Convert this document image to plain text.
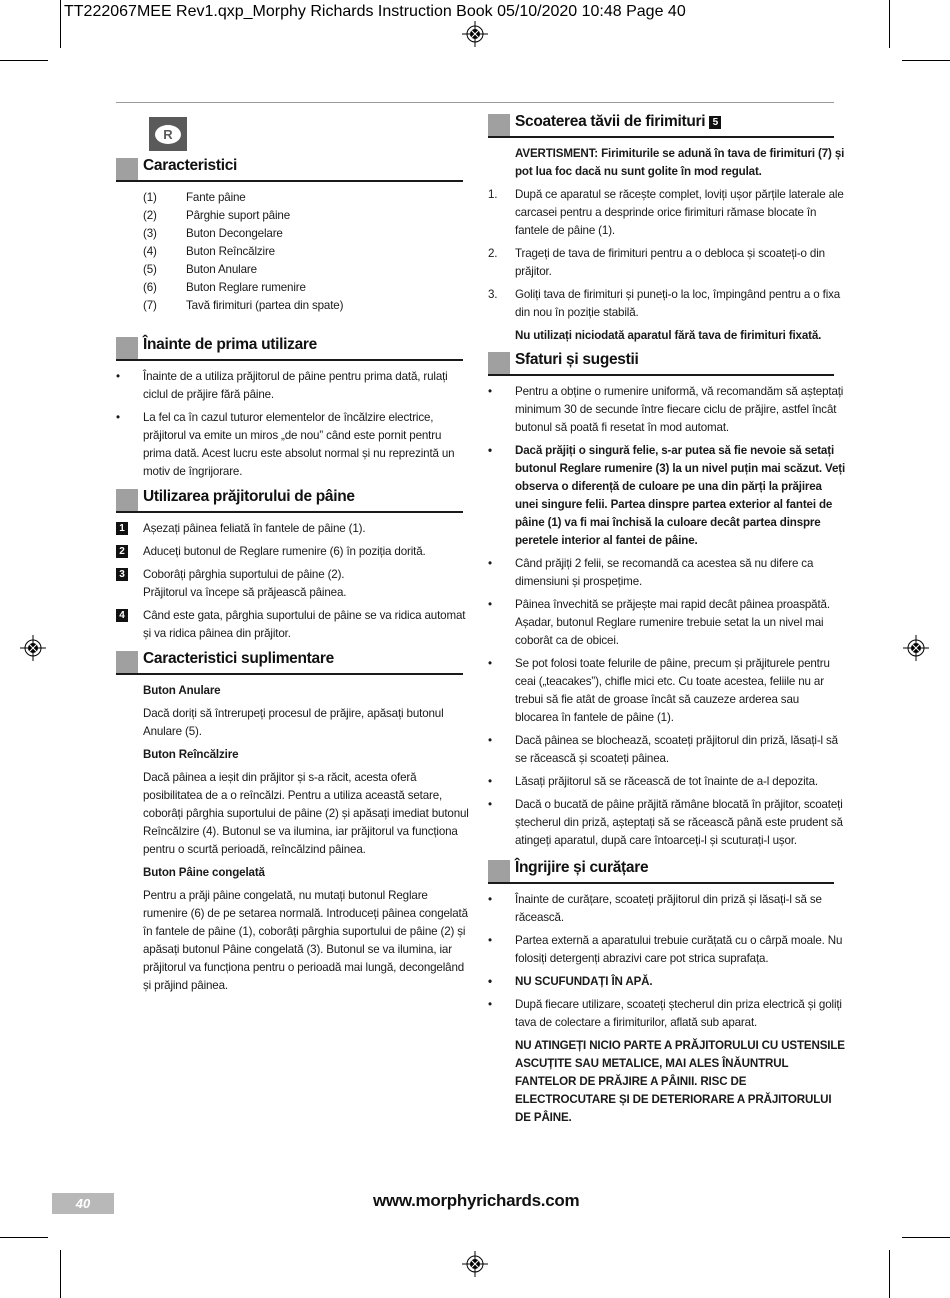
TT222067MEE Rev1.qxp_Morphy Richards Instruction Book 05/10/2020 10:48 Page 40
R
Caracteristici
(1)	Fante pâine
(2)	Pârghie suport pâine
(3)	Buton Decongelare
(4)	Buton Reîncălzire
(5)	Buton Anulare
(6)	Buton Reglare rumenire
(7)	Tavă firimituri (partea din spate)
Înainte de prima utilizare
•	Înainte de a utiliza prăjitorul de pâine pentru prima dată, rulați
ciclul de prăjire fără pâine.
•	La fel ca în cazul tuturor elementelor de încălzire electrice,
prăjitorul va emite un miros „de nou” când este pornit pentru
prima dată. Acest lucru este absolut normal și nu reprezintă un
motiv de îngrijorare.
Utilizarea prăjitorului de pâine
1 Așezați pâinea feliată în fantele de pâine (1).
2 Aduceți butonul de Reglare rumenire (6) în poziția dorită.
3 Coborâți pârghia suportului de pâine (2).
Prăjitorul va începe să prăjească pâinea.
4 Când este gata, pârghia suportului de pâine se va ridica automat
și va ridica pâinea din prăjitor.
Caracteristici suplimentare
Buton Anulare
Dacă doriți să întrerupeți procesul de prăjire, apăsați butonul
Anulare (5).
Buton Reîncălzire
Dacă pâinea a ieșit din prăjitor și s-a răcit, acesta oferă
posibilitatea de a o reîncălzi. Pentru a utiliza această setare,
coborâți pârghia suportului de pâine (2) și apăsați imediat butonul
Reîncălzire (4). Butonul se va ilumina, iar prăjitorul va funcționa
pentru o scurtă perioadă, reîncălzind pâinea.
Buton Pâine congelată
Pentru a prăji pâine congelată, nu mutați butonul Reglare
rumenire (6) de pe setarea normală. Introduceți pâinea congelată
în fantele de pâine (1), coborâți pârghia suportului de pâine (2) și
apăsați butonul Pâine congelată (3). Butonul se va ilumina, iar
prăjitorul va funcționa pentru o perioadă mai lungă, decongelând
și prăjind pâinea.
Scoaterea tăvii de firimituri 5
AVERTISMENT: Firimiturile se adună în tava de firimituri (7) și
pot lua foc dacă nu sunt golite în mod regulat.
1. După ce aparatul se răcește complet, loviți ușor părțile laterale ale
carcasei pentru a desprinde orice firimituri rămase blocate în
fantele de pâine (1).
2. Trageți de tava de firimituri pentru a o debloca și scoateți-o din
prăjitor.
3. Goliți tava de firimituri și puneți-o la loc, împingând pentru a o fixa
din nou în poziție stabilă.
Nu utilizați niciodată aparatul fără tava de firimituri fixată.
Sfaturi și sugestii
•	Pentru a obține o rumenire uniformă, vă recomandăm să așteptați
minimum 30 de secunde între fiecare ciclu de prăjire, astfel încât
butonul să poată fi resetat în mod automat.
•	Dacă prăjiți o singură felie, s-ar putea să fie nevoie să setați
butonul Reglare rumenire (3) la un nivel puțin mai scăzut. Veți
observa o diferență de culoare pe una din părți la prăjirea
unei singure felii. Partea dinspre partea exterior al fantei de
pâine (1) va fi mai închisă la culoare decât partea dinspre
peretele interior al fantei de pâine.
•	Când prăjiți 2 felii, se recomandă ca acestea să nu difere ca
dimensiuni și prospețime.
•	Pâinea învechită se prăjește mai rapid decât pâinea proaspătă.
Așadar, butonul Reglare rumenire trebuie setat la un nivel mai
coborât ca de obicei.
•	Se pot folosi toate felurile de pâine, precum și prăjiturele pentru
ceai („teacakes”), chifle mici etc. Cu toate acestea, feliile nu ar
trebui să fie atât de groase încât să cauzeze arderea sau
blocarea în fantele de pâine (1).
•	Dacă pâinea se blochează, scoateți prăjitorul din priză, lăsați-l să
se răcească și scoateți pâinea.
•	Lăsați prăjitorul să se răcească de tot înainte de a-l depozita.
•	Dacă o bucată de pâine prăjită rămâne blocată în prăjitor, scoateți
ștecherul din priză, așteptați să se răcească până este prudent să
atingeți aparatul, după care întoarceți-l și scuturați-l ușor.
Îngrijire și curățare
•	Înainte de curățare, scoateți prăjitorul din priză și lăsați-l să se
răcească.
•	Partea externă a aparatului trebuie curățată cu o cârpă moale. Nu
folosiți detergenți abrazivi care pot strica suprafața.
•	NU SCUFUNDAȚI ÎN APĂ.
•	După fiecare utilizare, scoateți ștecherul din priza electrică și goliți
tava de colectare a firimiturilor, aflată sub aparat.
NU ATINGEȚI NICIO PARTE A PRĂJITORULUI CU USTENSILE
ASCUȚITE SAU METALICE, MAI ALES ÎNĂUNTRUL
FANTELOR DE PRĂJIRE A PÂINII. RISC DE
ELECTROCUTARE ȘI DE DETERIORARE A PRĂJITORULUI
DE PÂINE.
40	www.morphyrichards.com
